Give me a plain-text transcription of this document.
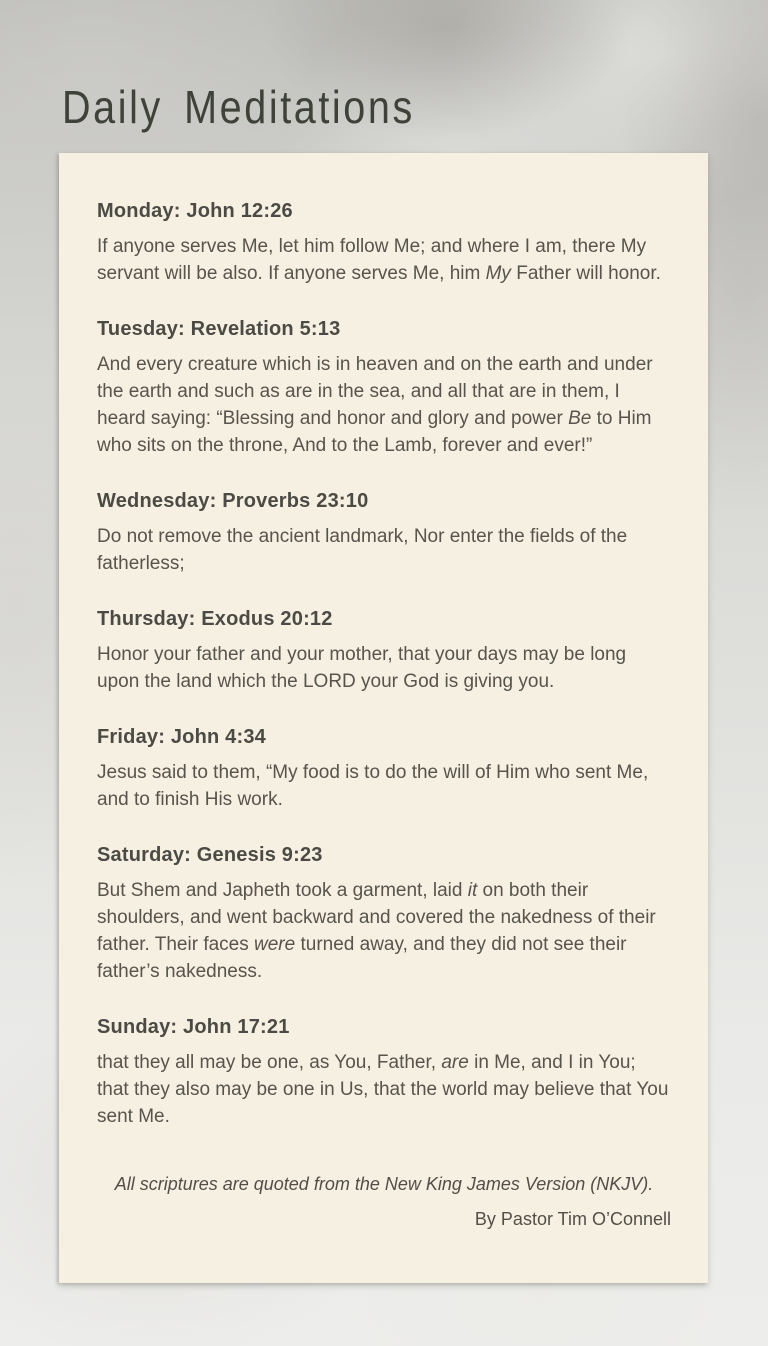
Daily Meditations
Monday: John 12:26

If anyone serves Me, let him follow Me; and where I am, there My servant will be also. If anyone serves Me, him My Father will honor.

Tuesday: Revelation 5:13

And every creature which is in heaven and on the earth and under the earth and such as are in the sea, and all that are in them, I heard saying: “Blessing and honor and glory and power Be to Him who sits on the throne, And to the Lamb, forever and ever!”

Wednesday: Proverbs 23:10

Do not remove the ancient landmark, Nor enter the fields of the fatherless;

Thursday: Exodus 20:12

Honor your father and your mother, that your days may be long upon the land which the LORD your God is giving you.

Friday: John 4:34

Jesus said to them, “My food is to do the will of Him who sent Me, and to finish His work.

Saturday: Genesis 9:23

But Shem and Japheth took a garment, laid it on both their shoulders, and went backward and covered the nakedness of their father. Their faces were turned away, and they did not see their father’s nakedness.

Sunday: John 17:21

that they all may be one, as You, Father, are in Me, and I in You; that they also may be one in Us, that the world may believe that You sent Me.

All scriptures are quoted from the New King James Version (NKJV).

By Pastor Tim O’Connell
